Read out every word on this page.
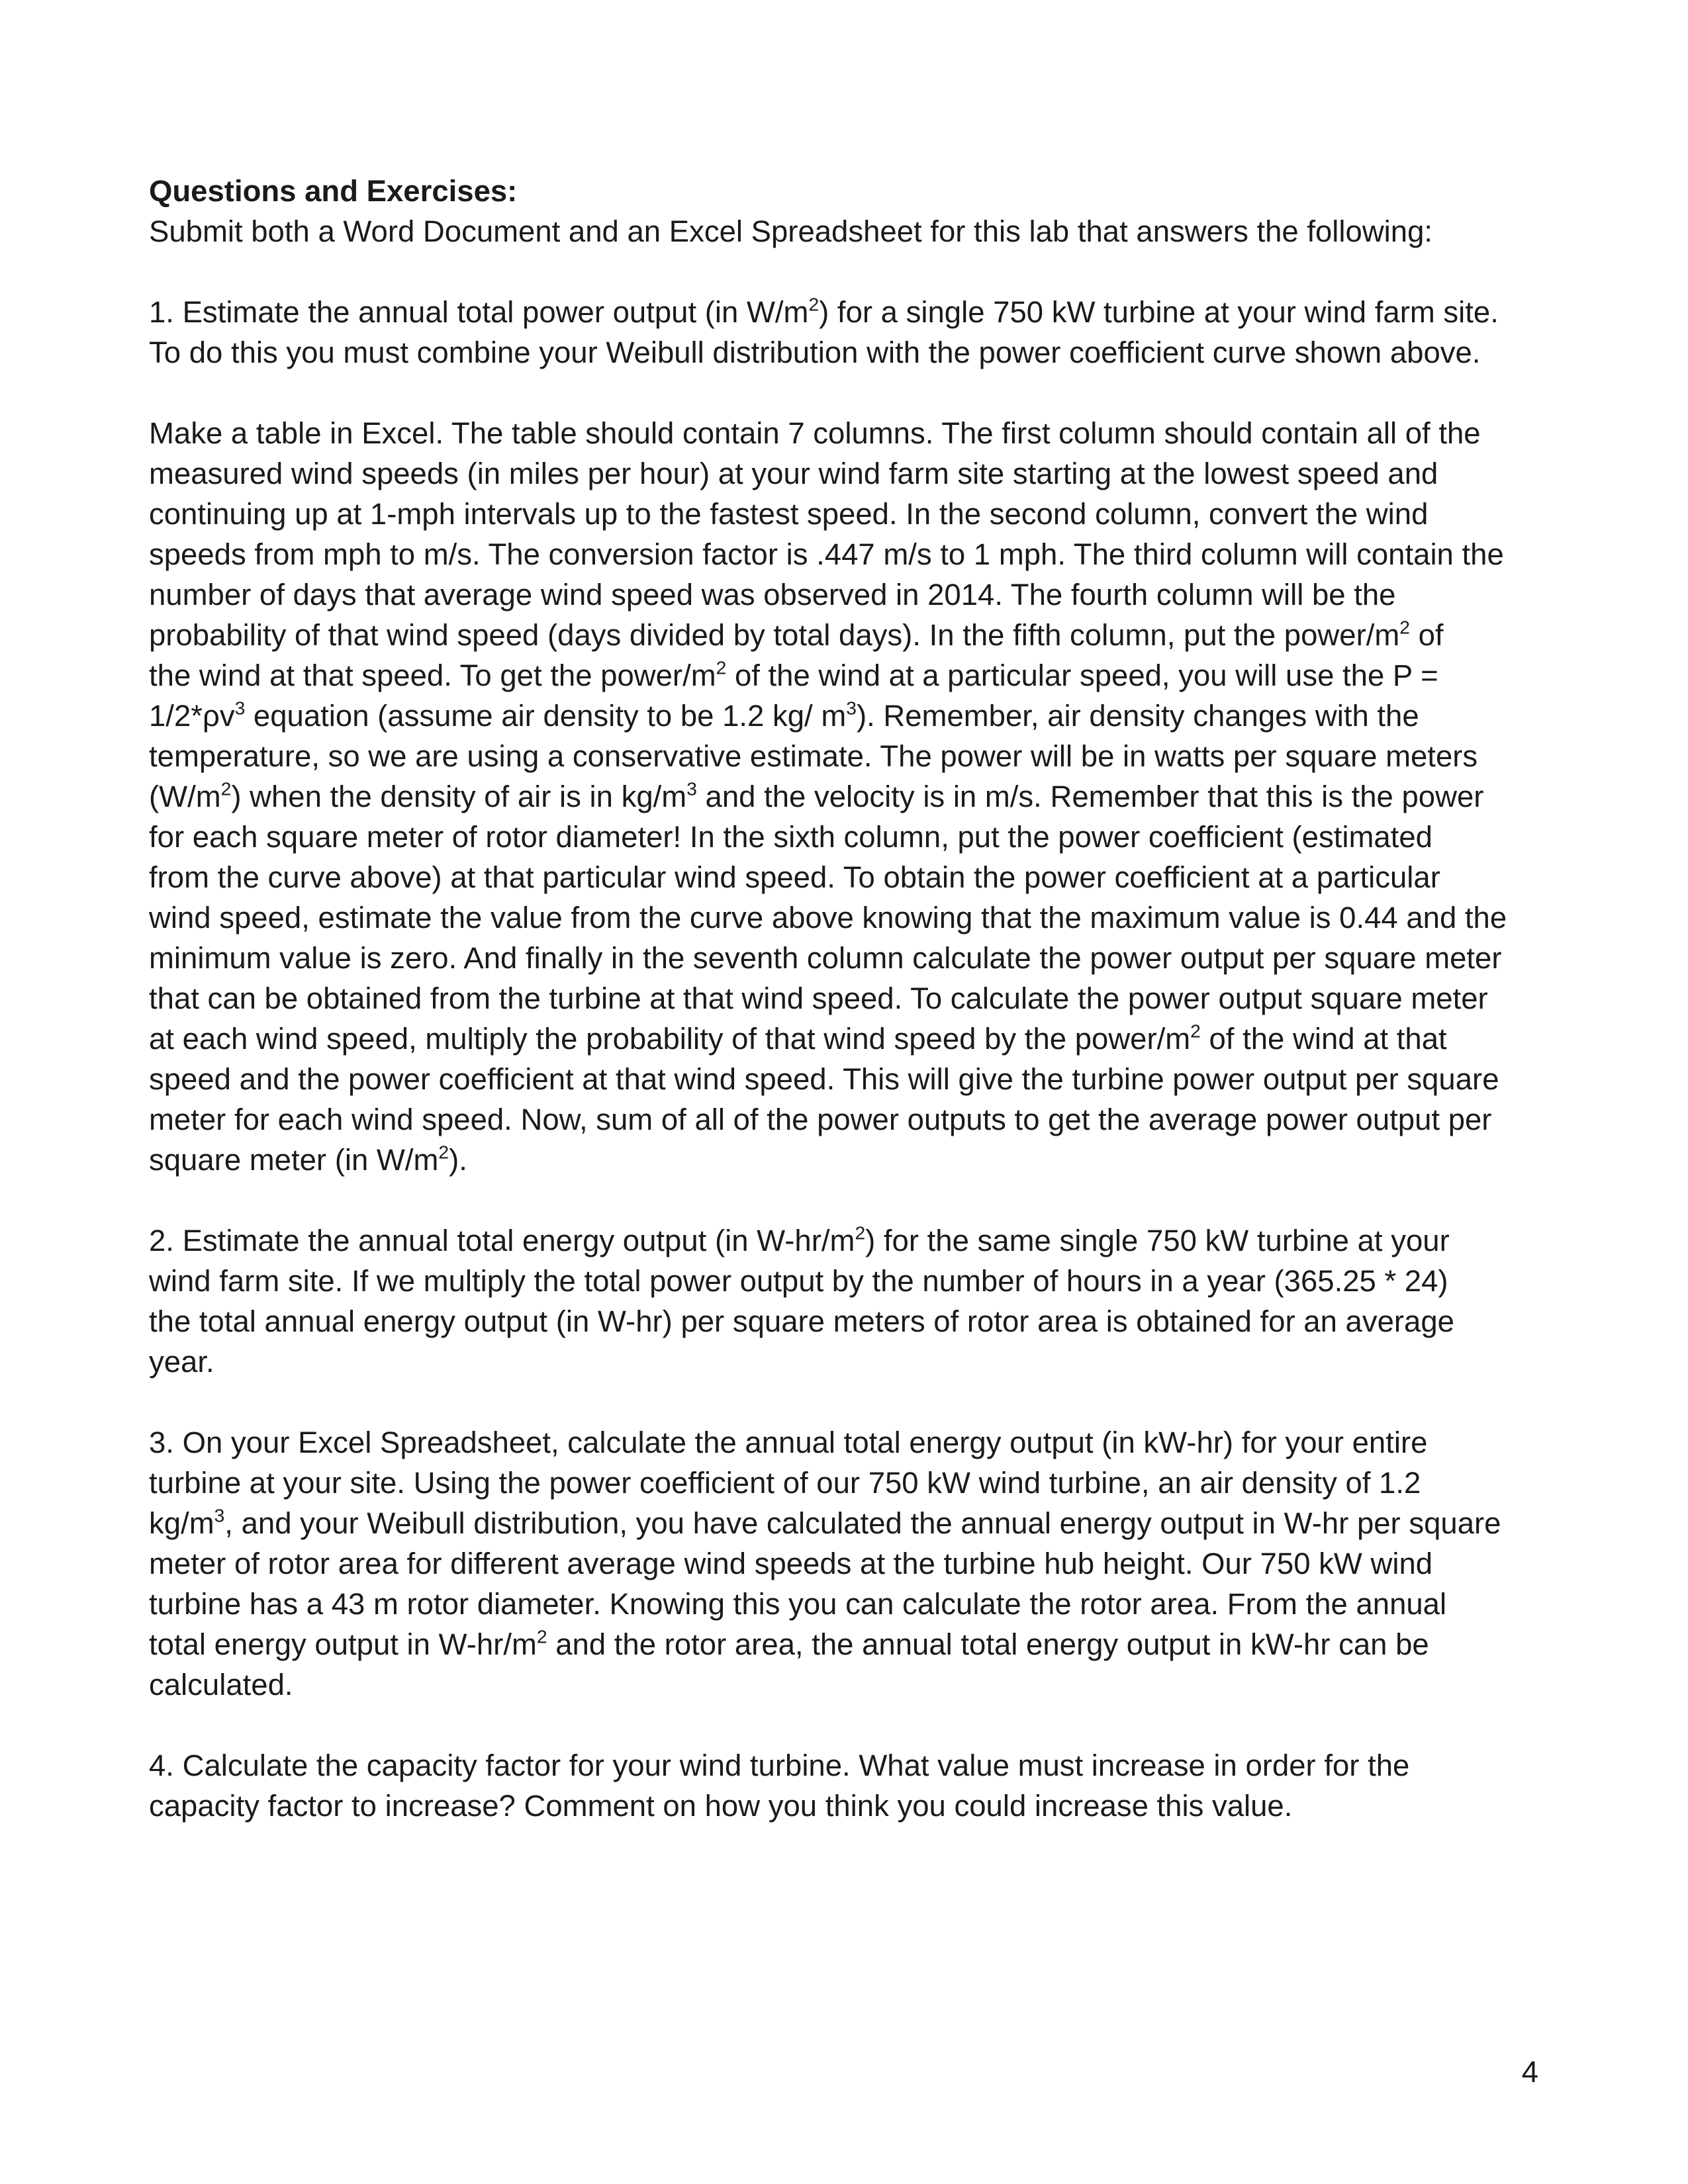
Questions and Exercises:

Submit both a Word Document and an Excel Spreadsheet for this lab that answers the following:

1. Estimate the annual total power output (in $W/m^2$) for a single 750 kW turbine at your wind farm site.
To do this you must combine your Weibull distribution with the power coefficient curve shown above.

Make a table in Excel. The table should contain 7 columns. The first column should contain all of the
measured wind speeds (in miles per hour) at your wind farm site starting at the lowest speed and
continuing up at 1-mph intervals up to the fastest speed. In the second column, convert the wind
speeds from mph to m/s. The conversion factor is .447 m/s to 1 mph. The third column will contain the
number of days that average wind speed was observed in 2014. The fourth column will be the
probability of that wind speed (days divided by total days). In the fifth column, put the power/$m^2$ of
the wind at that speed. To get the power/$m^2$ of the wind at a particular speed, you will use the P =
$1/2*\rho v^3$ equation (assume air density to be 1.2 kg/ $m^3$). Remember, air density changes with the
temperature, so we are using a conservative estimate. The power will be in watts per square meters
$(W/m^2)$ when the density of air is in $kg/m^3$ and the velocity is in m/s. Remember that this is the power
for each square meter of rotor diameter! In the sixth column, put the power coefficient (estimated
from the curve above) at that particular wind speed. To obtain the power coefficient at a particular
wind speed, estimate the value from the curve above knowing that the maximum value is 0.44 and the
minimum value is zero. And finally in the seventh column calculate the power output per square meter
that can be obtained from the turbine at that wind speed. To calculate the power output square meter
at each wind speed, multiply the probability of that wind speed by the power/$m^2$ of the wind at that
speed and the power coefficient at that wind speed. This will give the turbine power output per square
meter for each wind speed. Now, sum of all of the power outputs to get the average power output per
square meter (in $W/m^2$).

2. Estimate the annual total energy output (in $W-hr/m^2$) for the same single 750 kW turbine at your
wind farm site. If we multiply the total power output by the number of hours in a year (365.25 * 24)
the total annual energy output (in W-hr) per square meters of rotor area is obtained for an average
year.

3. On your Excel Spreadsheet, calculate the annual total energy output (in kW-hr) for your entire
turbine at your site. Using the power coefficient of our 750 kW wind turbine, an air density of 1.2
$kg/m^3$, and your Weibull distribution, you have calculated the annual energy output in W-hr per square
meter of rotor area for different average wind speeds at the turbine hub height. Our 750 kW wind
turbine has a 43 m rotor diameter. Knowing this you can calculate the rotor area. From the annual
total energy output in $W-hr/m^2$ and the rotor area, the annual total energy output in kW-hr can be
calculated.

4. Calculate the capacity factor for your wind turbine. What value must increase in order for the
capacity factor to increase? Comment on how you think you could increase this value.

4
